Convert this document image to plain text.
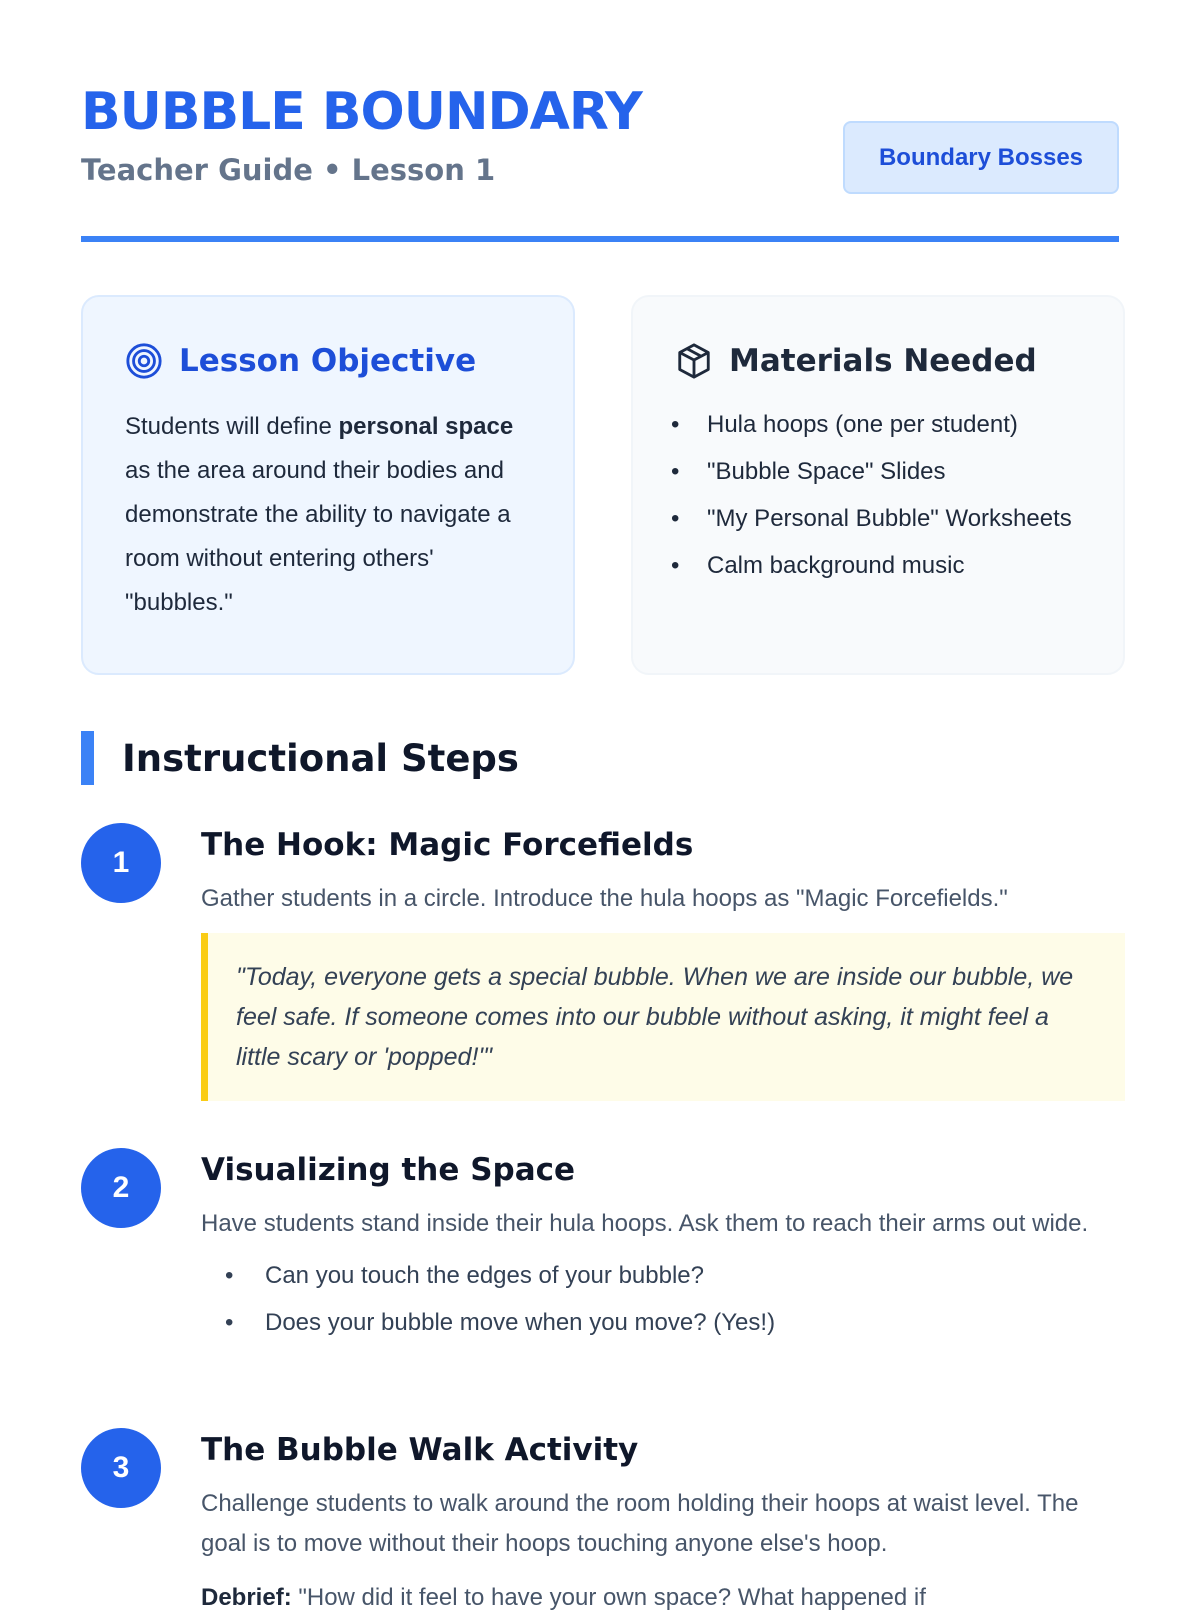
BUBBLE BOUNDARY
Teacher Guide • Lesson 1	Boundary Bosses
Lesson Objective

Students will define personal space as the area around their bodies and demonstrate the ability to navigate a room without entering others' "bubbles."

Materials Needed
• Hula hoops (one per student)
• "Bubble Space" Slides
• "My Personal Bubble" Worksheets
• Calm background music
Instructional Steps
1	The Hook: Magic Forcefields

Gather students in a circle. Introduce the hula hoops as "Magic Forcefields."

"Today, everyone gets a special bubble. When we are inside our bubble, we feel safe. If someone comes into our bubble without asking, it might feel a little scary or 'popped!'"
2	Visualizing the Space

Have students stand inside their hula hoops. Ask them to reach their arms out wide.

• Can you touch the edges of your bubble?
• Does your bubble move when you move? (Yes!)
3	The Bubble Walk Activity

Challenge students to walk around the room holding their hoops at waist level. The goal is to move without their hoops touching anyone else's hoop.

Debrief: "How did it feel to have your own space? What happened if
